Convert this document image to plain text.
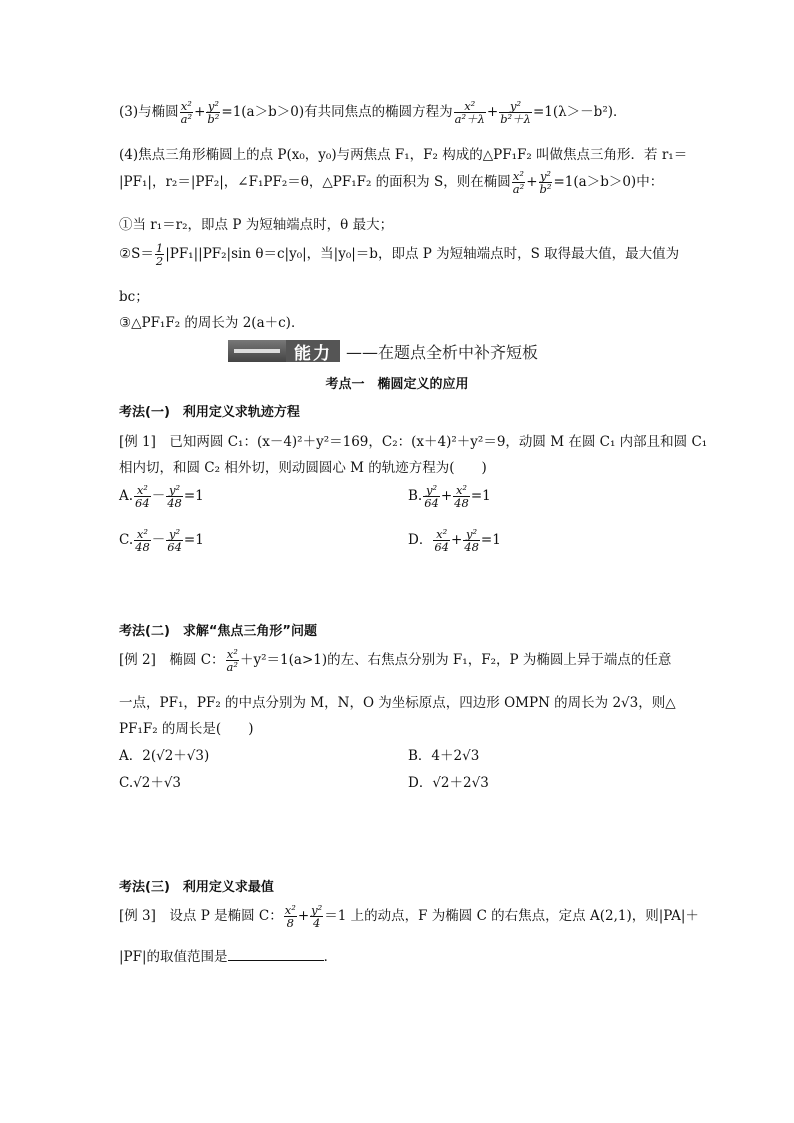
(3)与椭圆 $\frac{\text{x²}}{\text{a²}} + \frac{\text{y²}}{\text{b²}} =1(a>b>0)$有共同焦点的椭圆方程为 $\frac{\text{x²}}{\text{a²＋λ}} + \frac{\text{y²}}{\text{b²＋λ}} =1(\lambda>-b^2)$．
(4)焦点三角形椭圆上的点 P(x₀，y₀)与两焦点 F₁，F₂ 构成的△PF₁F₂ 叫做焦点三角形．若 r₁＝
|PF₁|，r₂＝|PF₂|，∠F₁PF₂＝θ，△PF₁F₂ 的面积为 S，则在椭圆 $\frac{\text{x²}}{\text{a²}} + \frac{\text{y²}}{\text{b²}} =1(a>b>0)$中：
①当 r₁＝r₂，即点 P 为短轴端点时，θ 最大；
②S＝ $\frac{1}{2} |PF_1||PF_2|\sin$ θ＝c|y₀|，当|y₀|＝b，即点 P 为短轴端点时，S 取得最大值，最大值为
bc；
③△PF₁F₂ 的周长为 2(a＋c)．
能力 ——在题点全析中补齐短板
考点一　椭圆定义的应用
考法(一)　利用定义求轨迹方程
[例 1]　已知两圆 C₁：(x－4)²＋y²＝169，C₂：(x＋4)²＋y²＝9，动圆 M 在圆 C₁ 内部且和圆 C₁
相内切，和圆 C₂ 相外切，则动圆圆心 M 的轨迹方程为(　　)
A. $\frac{\text{x²}}{64} - \frac{\text{y²}}{48} =1$	B. $\frac{\text{y²}}{64} + \frac{\text{x²}}{48} =1$
C. $\frac{\text{x²}}{48} - \frac{\text{y²}}{64} =1$	D． $\frac{\text{x²}}{64} + \frac{\text{y²}}{48} =1$
考法(二)　求解“焦点三角形”问题
[例 2]　椭圆 C： $\frac{\text{x²}}{\text{a²}} +y^2=1(a>1)$的左、右焦点分别为 F₁，F₂，P 为椭圆上异于端点的任意
一点，PF₁，PF₂ 的中点分别为 M，N，O 为坐标原点，四边形 OMPN 的周长为 2√3，则△
PF₁F₂ 的周长是(　　)
A．2(√2＋√3)	B．4＋2√3
C.√2＋√3	D．√2＋2√3
考法(三)　利用定义求最值
[例 3]　设点 P 是椭圆 C： $\frac{\text{x²}}{8} + \frac{\text{y²}}{4} =1$ 上的动点，F 为椭圆 C 的右焦点，定点 A(2,1)，则|PA|＋
|PF|的取值范围是	．
